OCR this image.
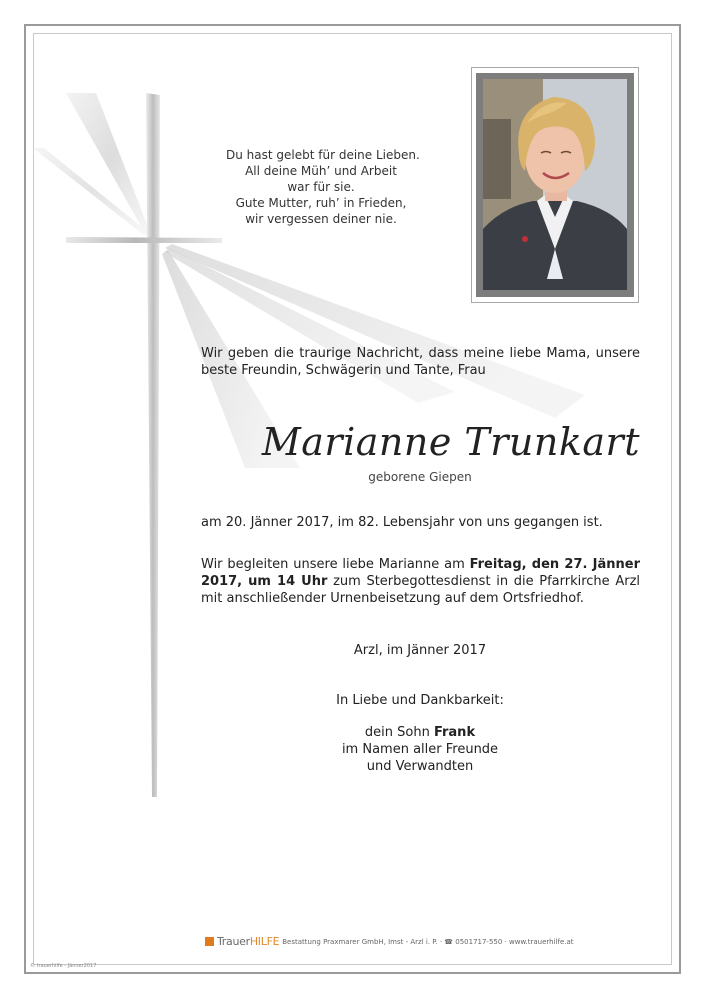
Du hast gelebt für deine Lieben.
All deine Müh’ und Arbeit
war für sie.
Gute Mutter, ruh’ in Frieden,
wir vergessen deiner nie.
Wir geben die traurige Nachricht, dass meine liebe Mama, unsere beste Freundin, Schwägerin und Tante, Frau
Marianne Trunkart
geborene Giepen
am 20. Jänner 2017, im 82. Lebensjahr von uns gegangen ist.
Wir begleiten unsere liebe Marianne am Freitag, den 27. Jänner 2017, um 14 Uhr zum Sterbegottesdienst in die Pfarrkirche Arzl mit anschließender Urnenbeisetzung auf dem Ortsfriedhof.
Arzl, im Jänner 2017
In Liebe und Dankbarkeit:
dein Sohn Frank
im Namen aller Freunde
und Verwandten
TrauerHILFE Bestattung Praxmarer GmbH, Imst - Arzl i. P. · ☎ 0501717-550 · www.trauerhilfe.at
© trauerhilfe - Jänner2017
